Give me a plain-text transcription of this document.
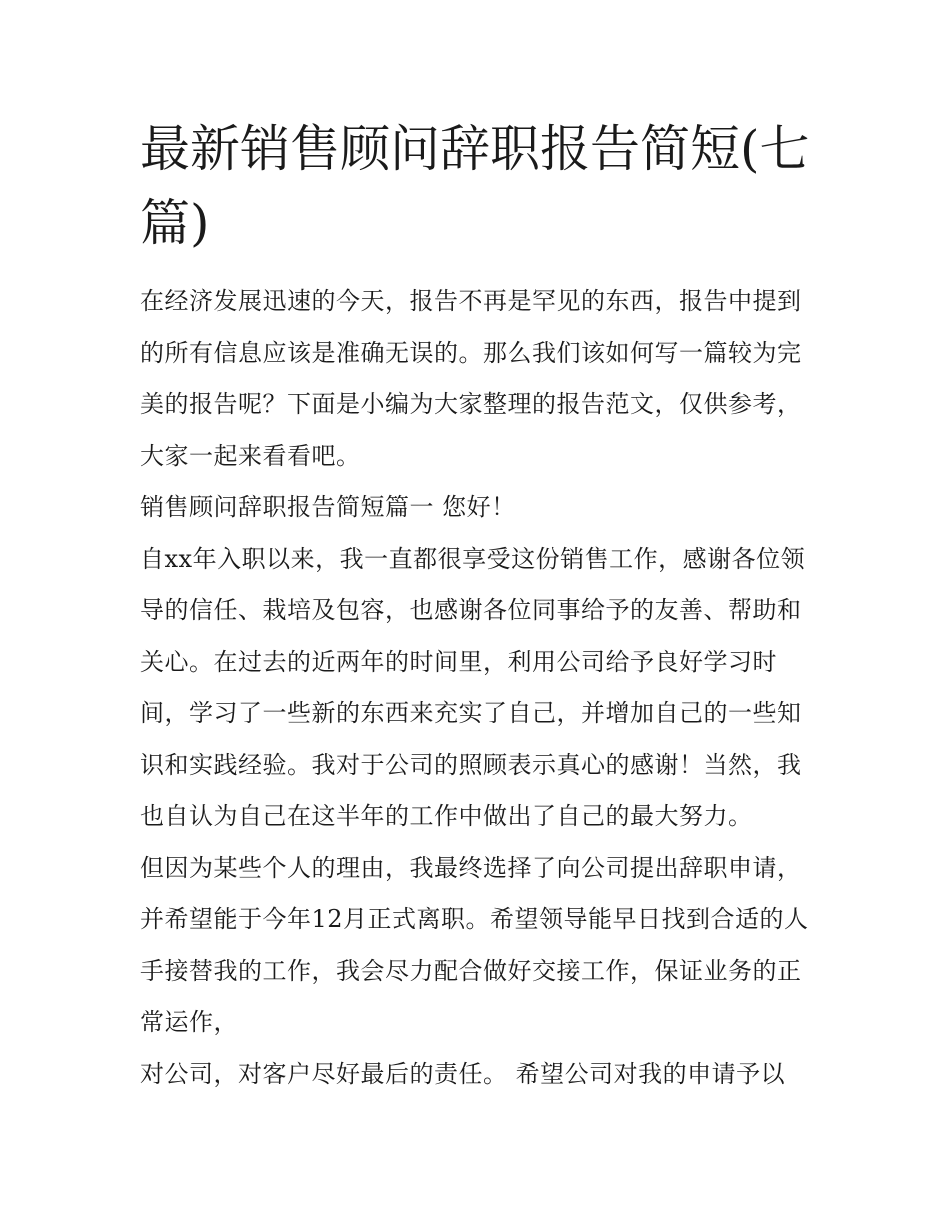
最新销售顾问辞职报告简短(七篇)

在经济发展迅速的今天，报告不再是罕见的东西，报告中提到的所有信息应该是准确无误的。那么我们该如何写一篇较为完美的报告呢？下面是小编为大家整理的报告范文，仅供参考，大家一起来看看吧。

销售顾问辞职报告简短篇一 您好！

自xx年入职以来，我一直都很享受这份销售工作，感谢各位领导的信任、栽培及包容，也感谢各位同事给予的友善、帮助和关心。在过去的近两年的时间里，利用公司给予良好学习时间，学习了一些新的东西来充实了自己，并增加自己的一些知识和实践经验。我对于公司的照顾表示真心的感谢！当然，我也自认为自己在这半年的工作中做出了自己的最大努力。

但因为某些个人的理由，我最终选择了向公司提出辞职申请，并希望能于今年12月正式离职。希望领导能早日找到合适的人手接替我的工作，我会尽力配合做好交接工作，保证业务的正常运作，

对公司，对客户尽好最后的责任。 希望公司对我的申请予以
